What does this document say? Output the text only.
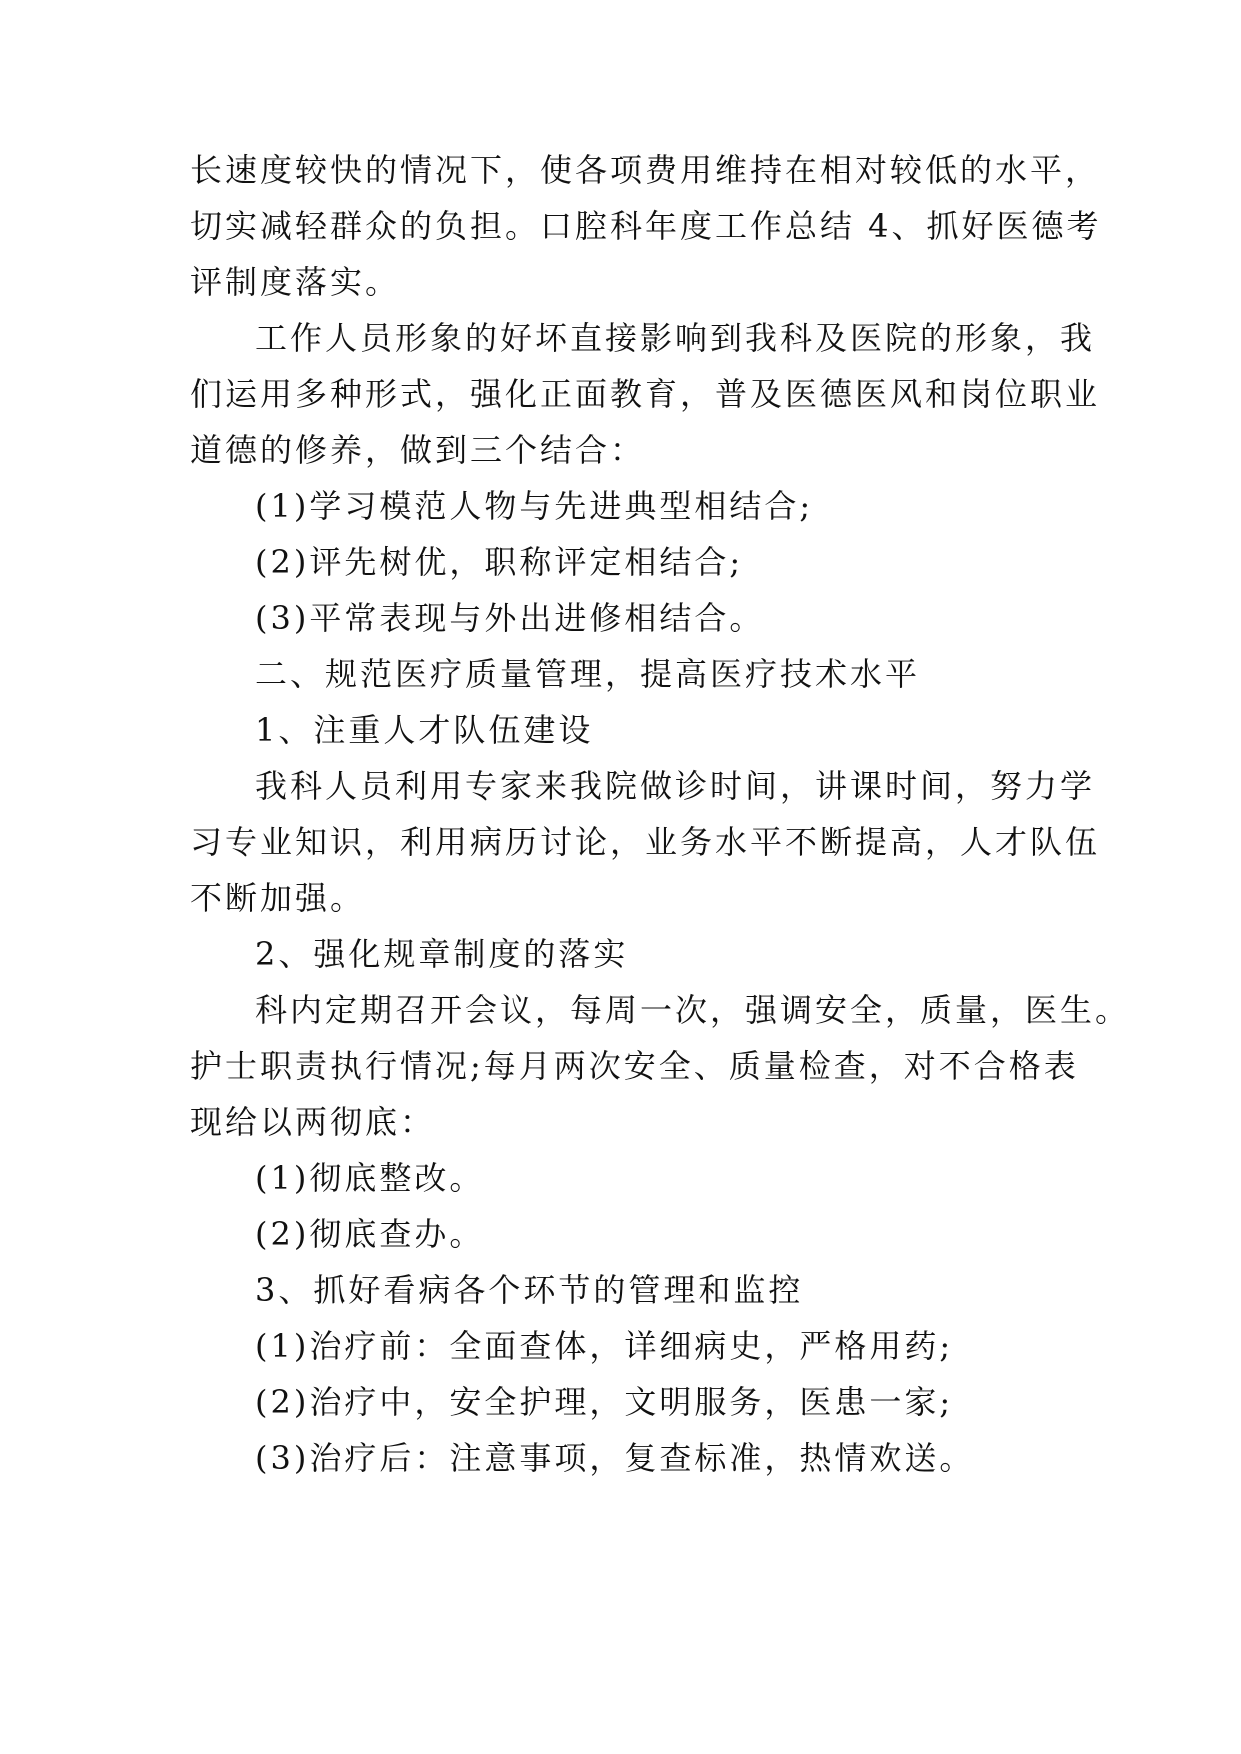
长速度较快的情况下，使各项费用维持在相对较低的水平，
切实减轻群众的负担。口腔科年度工作总结 4、抓好医德考
评制度落实。
工作人员形象的好坏直接影响到我科及医院的形象，我
们运用多种形式，强化正面教育，普及医德医风和岗位职业
道德的修养，做到三个结合：
(1)学习模范人物与先进典型相结合;
(2)评先树优，职称评定相结合;
(3)平常表现与外出进修相结合。
二、规范医疗质量管理，提高医疗技术水平
1、注重人才队伍建设
我科人员利用专家来我院做诊时间，讲课时间，努力学
习专业知识，利用病历讨论，业务水平不断提高，人才队伍
不断加强。
2、强化规章制度的落实
科内定期召开会议，每周一次，强调安全，质量，医生。
护士职责执行情况;每月两次安全、质量检查，对不合格表
现给以两彻底：
(1)彻底整改。
(2)彻底查办。
3、抓好看病各个环节的管理和监控
(1)治疗前：全面查体，详细病史，严格用药;
(2)治疗中，安全护理，文明服务，医患一家;
(3)治疗后：注意事项，复查标准，热情欢送。
